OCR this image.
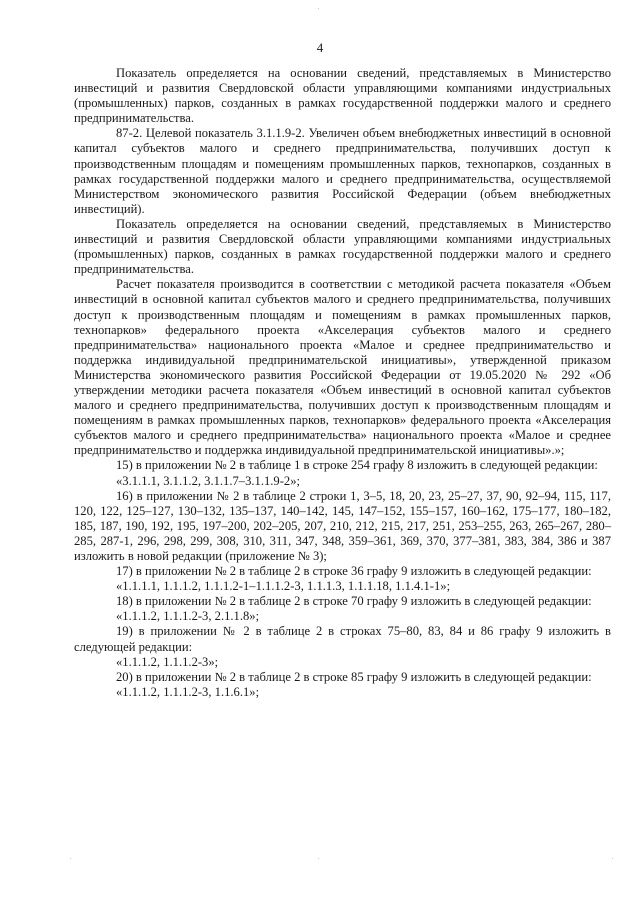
4

Показатель определяется на основании сведений, представляемых в Министерство инвестиций и развития Свердловской области управляющими компаниями индустриальных (промышленных) парков, созданных в рамках государственной поддержки малого и среднего предпринимательства.

87-2. Целевой показатель 3.1.1.9-2. Увеличен объем внебюджетных инвестиций в основной капитал субъектов малого и среднего предпринимательства, получивших доступ к производственным площадям и помещениям промышленных парков, технопарков, созданных в рамках государственной поддержки малого и среднего предпринимательства, осуществляемой Министерством экономического развития Российской Федерации (объем внебюджетных инвестиций).

Показатель определяется на основании сведений, представляемых в Министерство инвестиций и развития Свердловской области управляющими компаниями индустриальных (промышленных) парков, созданных в рамках государственной поддержки малого и среднего предпринимательства.

Расчет показателя производится в соответствии с методикой расчета показателя «Объем инвестиций в основной капитал субъектов малого и среднего предпринимательства, получивших доступ к производственным площадям и помещениям в рамках промышленных парков, технопарков» федерального проекта «Акселерация субъектов малого и среднего предпринимательства» национального проекта «Малое и среднее предпринимательство и поддержка индивидуальной предпринимательской инициативы», утвержденной приказом Министерства экономического развития Российской Федерации от 19.05.2020 № 292 «Об утверждении методики расчета показателя «Объем инвестиций в основной капитал субъектов малого и среднего предпринимательства, получивших доступ к производственным площадям и помещениям в рамках промышленных парков, технопарков» федерального проекта «Акселерация субъектов малого и среднего предпринимательства» национального проекта «Малое и среднее предпринимательство и поддержка индивидуальной предпринимательской инициативы».»;

15) в приложении № 2 в таблице 1 в строке 254 графу 8 изложить в следующей редакции:

«3.1.1.1, 3.1.1.2, 3.1.1.7–3.1.1.9-2»;

16) в приложении № 2 в таблице 2 строки 1, 3–5, 18, 20, 23, 25–27, 37, 90, 92–94, 115, 117, 120, 122, 125–127, 130–132, 135–137, 140–142, 145, 147–152, 155–157, 160–162, 175–177, 180–182, 185, 187, 190, 192, 195, 197–200, 202–205, 207, 210, 212, 215, 217, 251, 253–255, 263, 265–267, 280–285, 287-1, 296, 298, 299, 308, 310, 311, 347, 348, 359–361, 369, 370, 377–381, 383, 384, 386 и 387 изложить в новой редакции (приложение № 3);

17) в приложении № 2 в таблице 2 в строке 36 графу 9 изложить в следующей редакции:

«1.1.1.1, 1.1.1.2, 1.1.1.2-1–1.1.1.2-3, 1.1.1.3, 1.1.1.18, 1.1.4.1-1»;

18) в приложении № 2 в таблице 2 в строке 70 графу 9 изложить в следующей редакции:

«1.1.1.2, 1.1.1.2-3, 2.1.1.8»;

19) в приложении № 2 в таблице 2 в строках 75–80, 83, 84 и 86 графу 9 изложить в следующей редакции:

«1.1.1.2, 1.1.1.2-3»;

20) в приложении № 2 в таблице 2 в строке 85 графу 9 изложить в следующей редакции:

«1.1.1.2, 1.1.1.2-3, 1.1.6.1»;
